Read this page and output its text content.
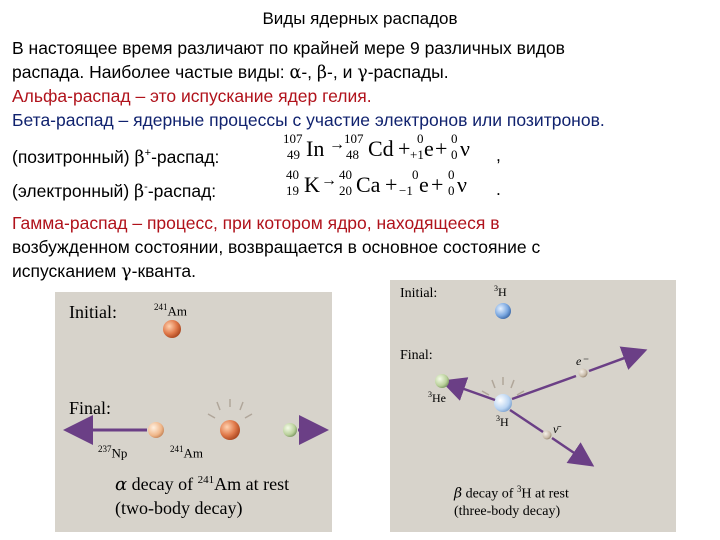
Виды ядерных распадов
В настоящее время различают по крайней мере 9 различных видов
распада. Наиболее частые виды: α-, β-, и γ-распады.
Альфа-распад – это испускание ядер гелия.
Бета-распад – ядерные процессы с участие электронов или позитронов.
(позитронный) β+-распад:	,
107
49 In → 107
48 Cd + 0
+1 e + 0
0 ν
(электронный) β--распад:	.
40
19 K → 40
20 Ca + 0
−1 e + 0
0 ν
Гамма-распад – процесс, при котором ядро, находящееся в
возбужденном состоянии, возвращается в основное состояние с
испусканием γ-кванта.
Initial:	$^{241}$Am
Final:
$^{237}$Np	$^{241}$Am
α decay of $^{241}$Am at rest
(two-body decay)
Initial:	$^3$H
Final:
$^3$He
$^3$H
e⁻
ν̄
β decay of $^3$H at rest
(three-body decay)
